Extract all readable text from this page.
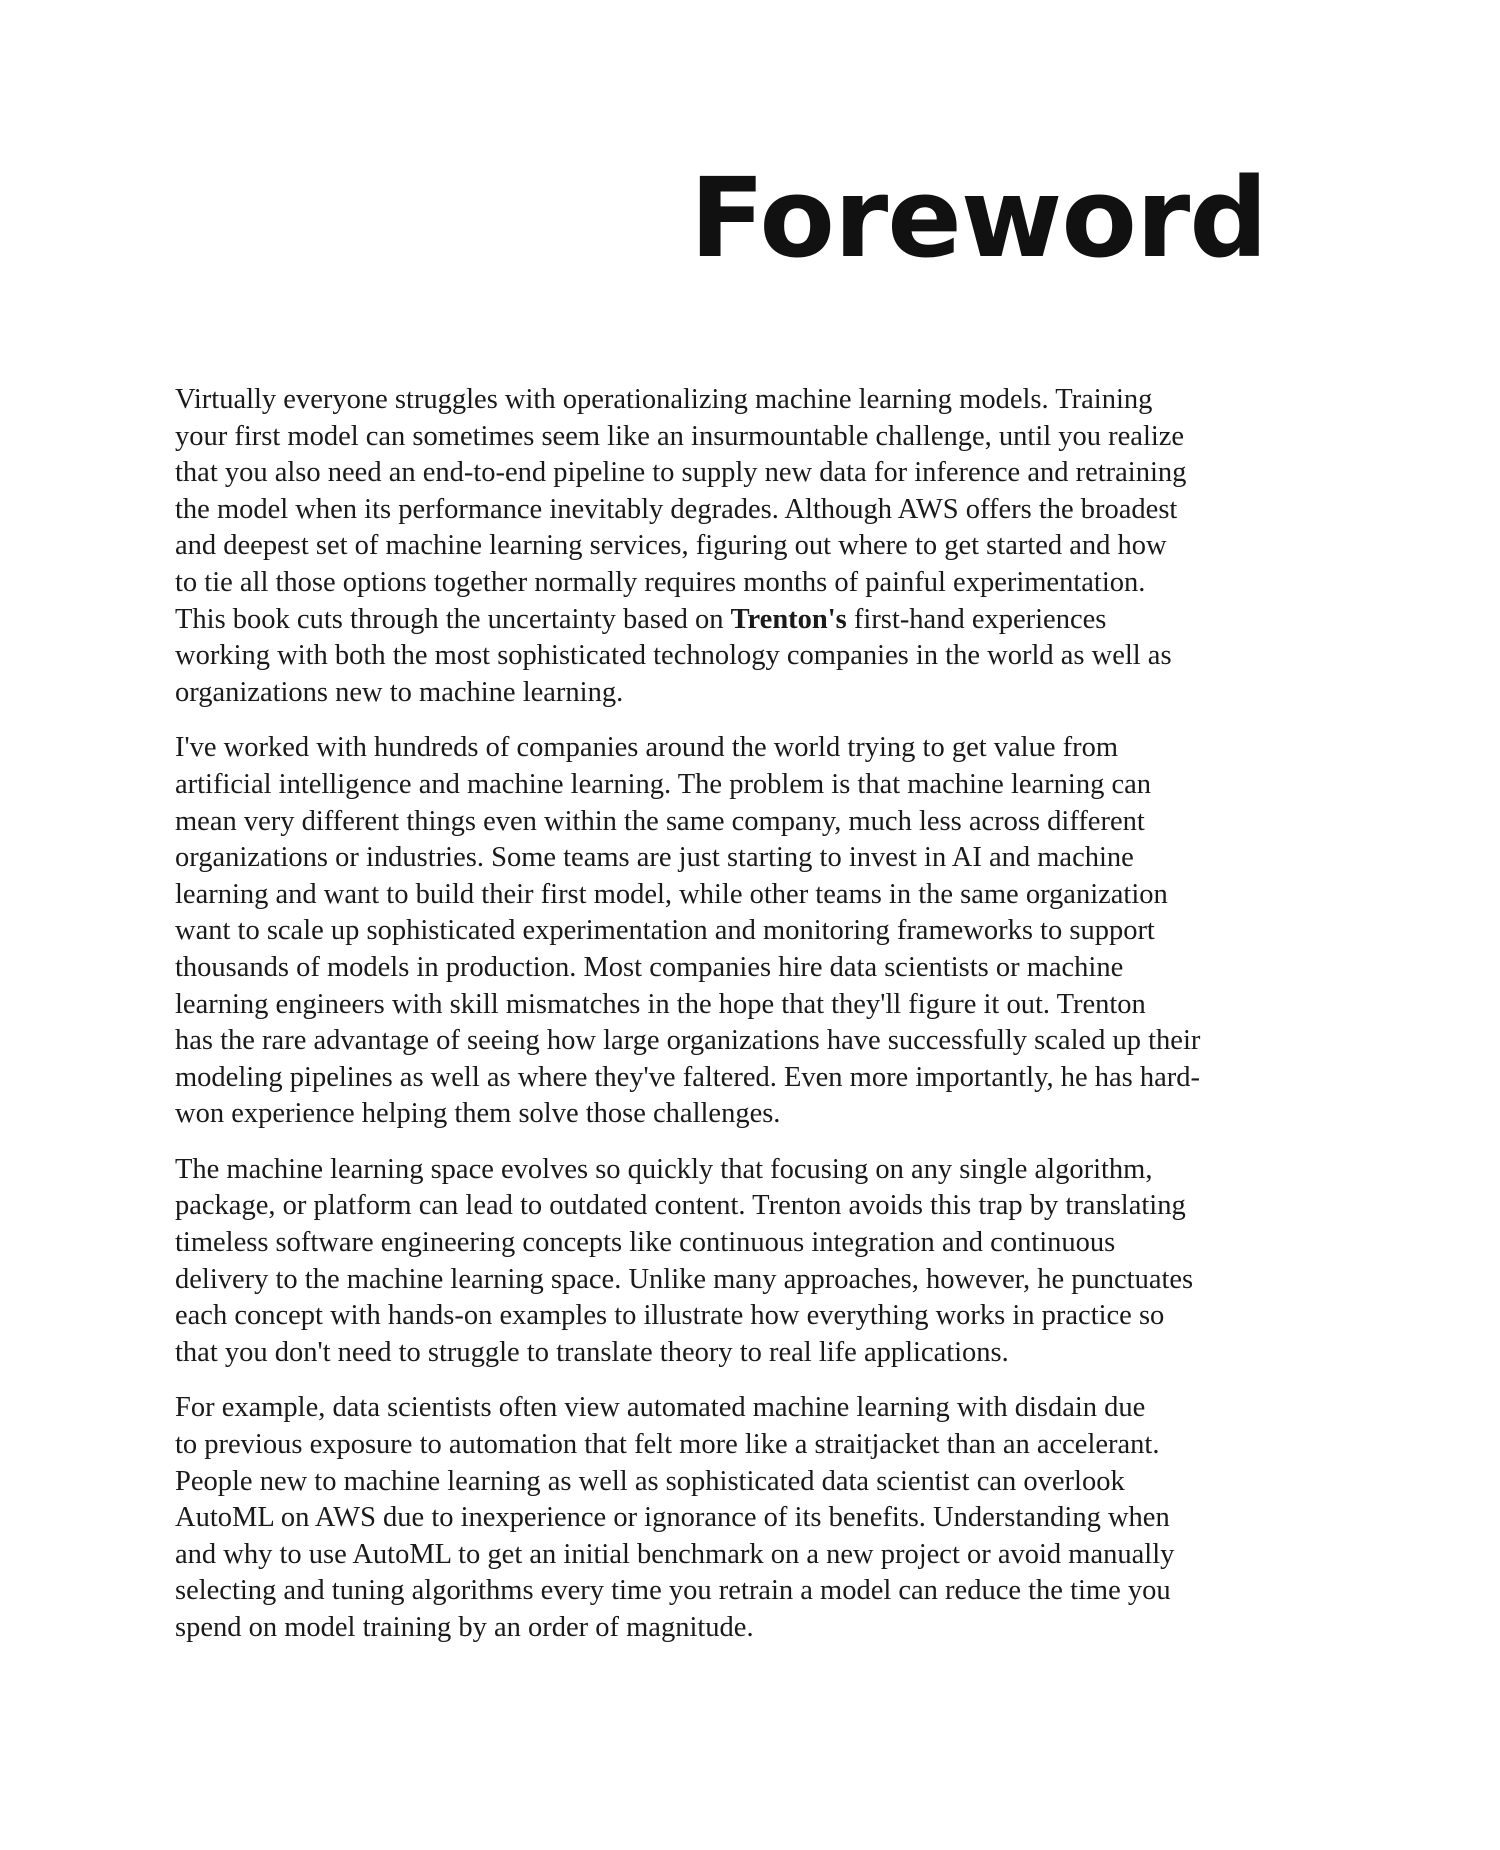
Foreword

Virtually everyone struggles with operationalizing machine learning models. Training
your first model can sometimes seem like an insurmountable challenge, until you realize
that you also need an end-to-end pipeline to supply new data for inference and retraining
the model when its performance inevitably degrades. Although AWS offers the broadest
and deepest set of machine learning services, figuring out where to get started and how
to tie all those options together normally requires months of painful experimentation.
This book cuts through the uncertainty based on Trenton's first-hand experiences
working with both the most sophisticated technology companies in the world as well as
organizations new to machine learning.

I've worked with hundreds of companies around the world trying to get value from
artificial intelligence and machine learning. The problem is that machine learning can
mean very different things even within the same company, much less across different
organizations or industries. Some teams are just starting to invest in AI and machine
learning and want to build their first model, while other teams in the same organization
want to scale up sophisticated experimentation and monitoring frameworks to support
thousands of models in production. Most companies hire data scientists or machine
learning engineers with skill mismatches in the hope that they'll figure it out. Trenton
has the rare advantage of seeing how large organizations have successfully scaled up their
modeling pipelines as well as where they've faltered. Even more importantly, he has hard-
won experience helping them solve those challenges.

The machine learning space evolves so quickly that focusing on any single algorithm,
package, or platform can lead to outdated content. Trenton avoids this trap by translating
timeless software engineering concepts like continuous integration and continuous
delivery to the machine learning space. Unlike many approaches, however, he punctuates
each concept with hands-on examples to illustrate how everything works in practice so
that you don't need to struggle to translate theory to real life applications.

For example, data scientists often view automated machine learning with disdain due
to previous exposure to automation that felt more like a straitjacket than an accelerant.
People new to machine learning as well as sophisticated data scientist can overlook
AutoML on AWS due to inexperience or ignorance of its benefits. Understanding when
and why to use AutoML to get an initial benchmark on a new project or avoid manually
selecting and tuning algorithms every time you retrain a model can reduce the time you
spend on model training by an order of magnitude.
